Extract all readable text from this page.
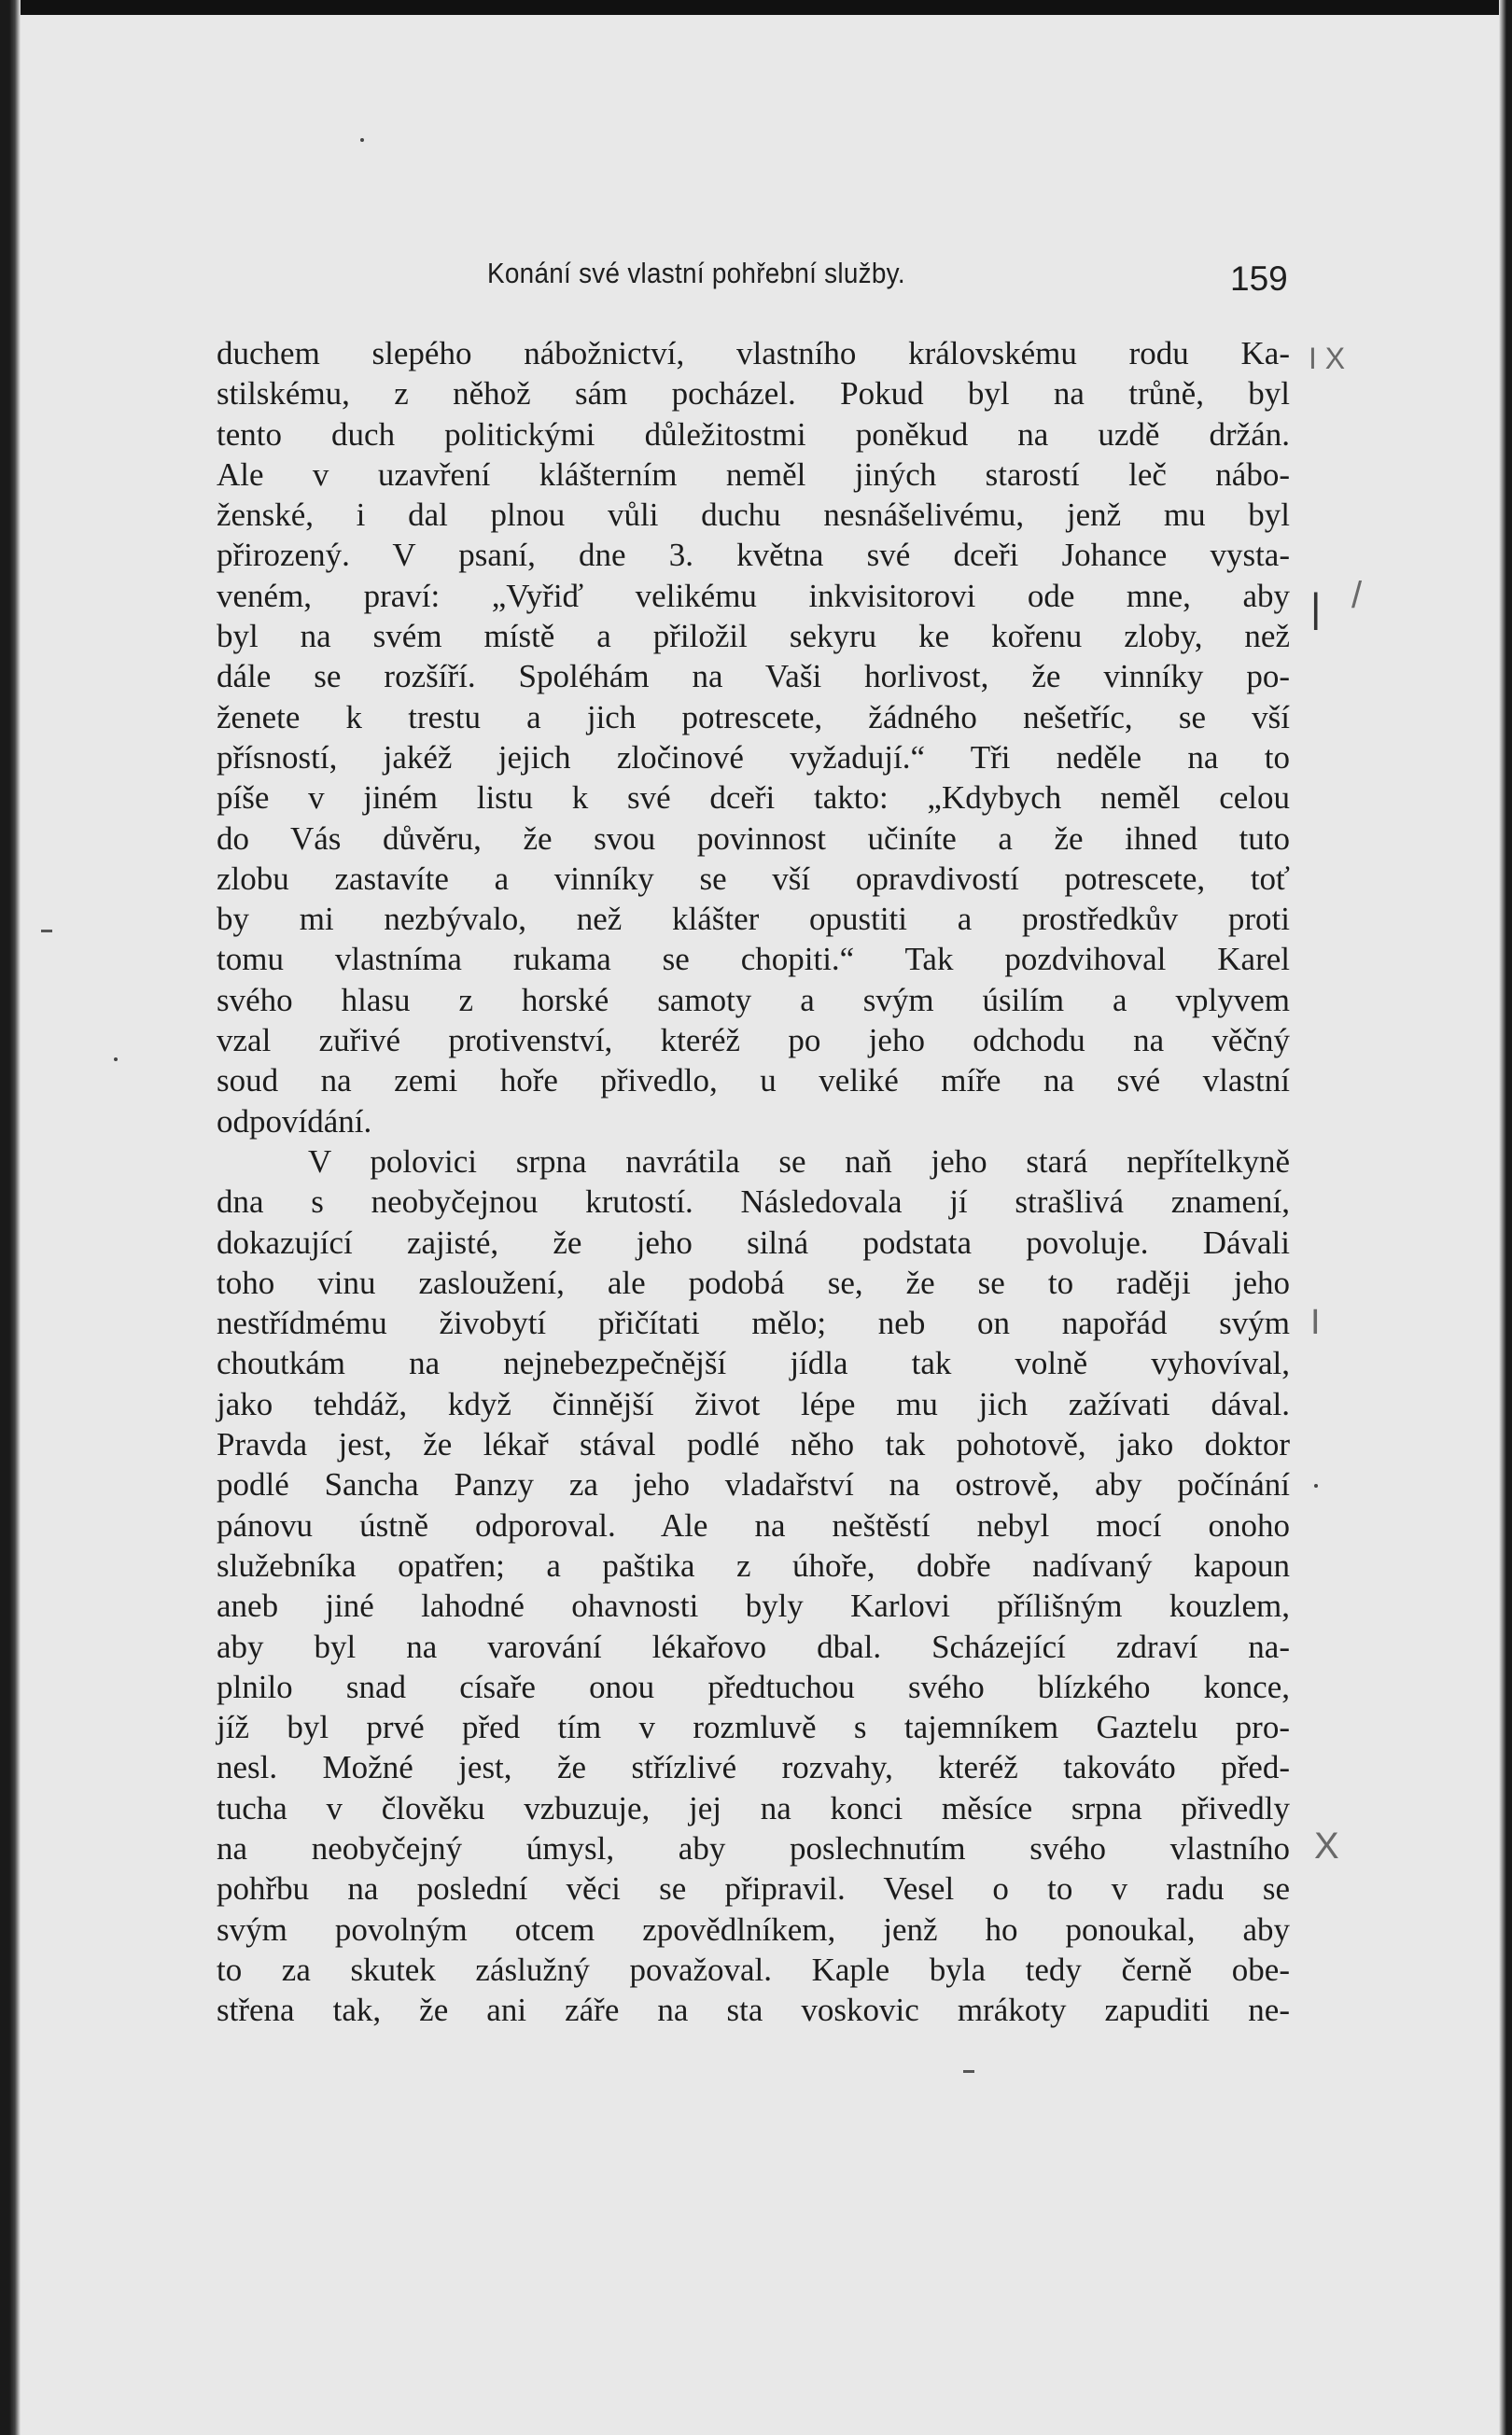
Konání své vlastní pohřební služby.	159
duchem slepého nábožnictví, vlastního královskému rodu Ka-
stilskému, z něhož sám pocházel. Pokud byl na trůně, byl
tento duch politickými důležitostmi poněkud na uzdě držán.
Ale v uzavření klášterním neměl jiných starostí leč nábo-
ženské, i dal plnou vůli duchu nesnášelivému, jenž mu byl
přirozený. V psaní, dne 3. května své dceři Johance vysta-
veném, praví: „Vyřiď velikému inkvisitorovi ode mne, aby
byl na svém místě a přiložil sekyru ke kořenu zloby, než
dále se rozšíří. Spoléhám na Vaši horlivost, že vinníky po-
ženete k trestu a jich potrescete, žádného nešetříc, se vší
přísností, jakéž jejich zločinové vyžadují.“ Tři neděle na to
píše v jiném listu k své dceři takto: „Kdybych neměl celou
do Vás důvěru, že svou povinnost učiníte a že ihned tuto
zlobu zastavíte a vinníky se vší opravdivostí potrescete, toť
by mi nezbývalo, než klášter opustiti a prostředkův proti
tomu vlastníma rukama se chopiti.“ Tak pozdvihoval Karel
svého hlasu z horské samoty a svým úsilím a vplyvem
vzal zuřivé protivenství, kteréž po jeho odchodu na věčný
soud na zemi hoře přivedlo, u veliké míře na své vlastní
odpovídání.
V polovici srpna navrátila se naň jeho stará nepřítelkyně
dna s neobyčejnou krutostí. Následovala jí strašlivá znamení,
dokazující zajisté, že jeho silná podstata povoluje. Dávali
toho vinu zasloužení, ale podobá se, že se to raději jeho
nestřídmému živobytí přičítati mělo; neb on napořád svým
choutkám na nejnebezpečnější jídla tak volně vyhovíval,
jako tehdáž, když činnější život lépe mu jich zažívati dával.
Pravda jest, že lékař stával podlé něho tak pohotově, jako doktor
podlé Sancha Panzy za jeho vladařství na ostrově, aby počínání
pánovu ústně odporoval. Ale na neštěstí nebyl mocí onoho
služebníka opatřen; a paštika z úhoře, dobře nadívaný kapoun
aneb jiné lahodné ohavnosti byly Karlovi přílišným kouzlem,
aby byl na varování lékařovo dbal. Scházející zdraví na-
plnilo snad císaře onou předtuchou svého blízkého konce,
jíž byl prvé před tím v rozmluvě s tajemníkem Gaztelu pro-
nesl. Možné jest, že střízlivé rozvahy, kteréž takováto před-
tucha v člověku vzbuzuje, jej na konci měsíce srpna přivedly
na neobyčejný úmysl, aby poslechnutím svého vlastního
pohřbu na poslední věci se připravil. Vesel o to v radu se
svým povolným otcem zpovědlníkem, jenž ho ponoukal, aby
to za skutek záslužný považoval. Kaple byla tedy černě obe-
střena tak, že ani záře na sta voskovic mrákoty zapuditi ne-
I X
/
|
I
X
